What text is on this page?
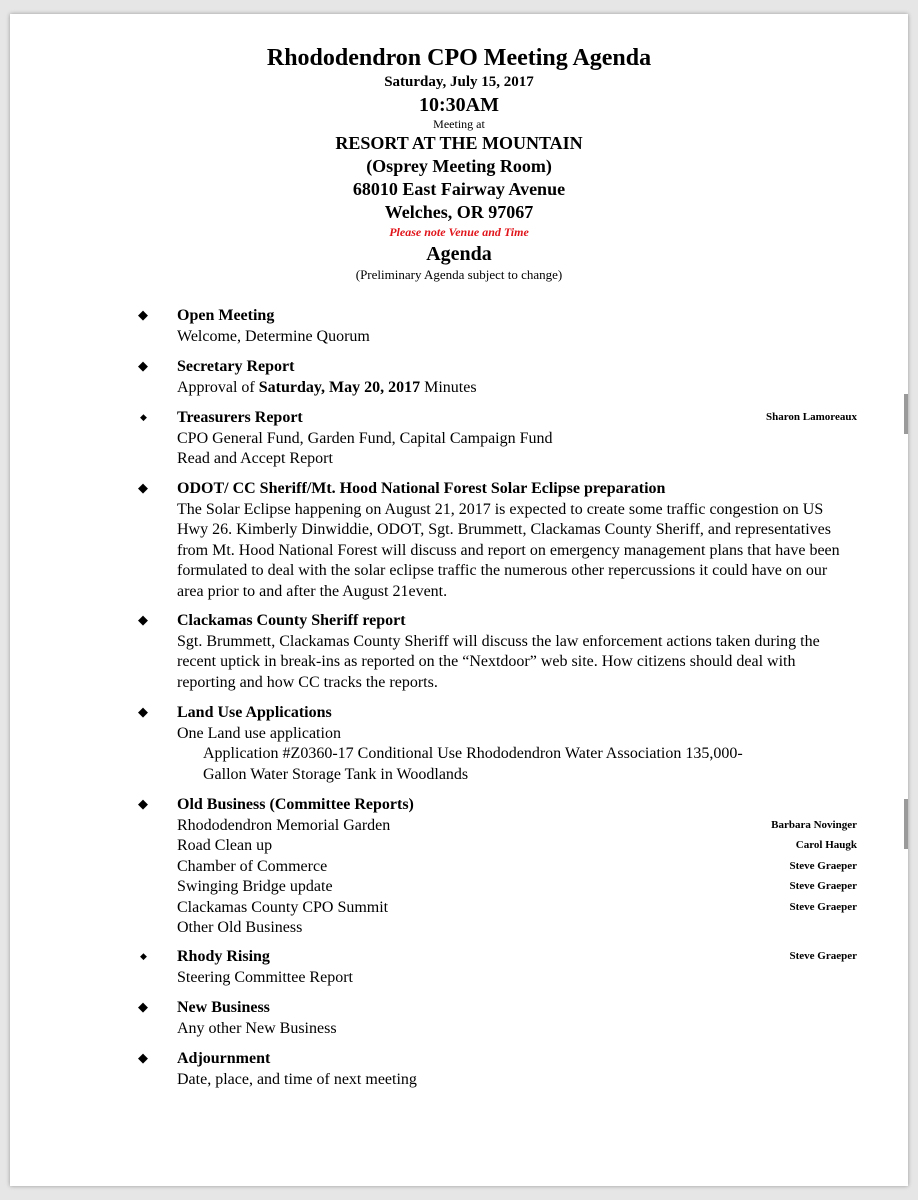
Rhododendron CPO Meeting Agenda
Saturday, July 15, 2017
10:30AM
Meeting at
RESORT AT THE MOUNTAIN
(Osprey Meeting Room)
68010 East Fairway Avenue
Welches, OR 97067
Please note Venue and Time
Agenda
(Preliminary Agenda subject to change)
◆ Open Meeting
Welcome, Determine Quorum
◆ Secretary Report
Approval of Saturday, May 20, 2017 Minutes
◆ Treasurers Report	Sharon Lamoreaux
CPO General Fund, Garden Fund, Capital Campaign Fund
Read and Accept Report
◆ ODOT/ CC Sheriff/Mt. Hood National Forest Solar Eclipse preparation
The Solar Eclipse happening on August 21, 2017 is expected to create some traffic congestion on US Hwy 26. Kimberly Dinwiddie, ODOT, Sgt. Brummett, Clackamas County Sheriff, and representatives from Mt. Hood National Forest will discuss and report on emergency management plans that have been formulated to deal with the solar eclipse traffic the numerous other repercussions it could have on our area prior to and after the August 21event.
◆ Clackamas County Sheriff report
Sgt. Brummett, Clackamas County Sheriff will discuss the law enforcement actions taken during the recent uptick in break-ins as reported on the “Nextdoor” web site. How citizens should deal with reporting and how CC tracks the reports.
◆ Land Use Applications
One Land use application
Application #Z0360-17 Conditional Use Rhododendron Water Association 135,000-
Gallon Water Storage Tank in Woodlands
◆ Old Business (Committee Reports)
Rhododendron Memorial Garden	Barbara Novinger
Road Clean up	Carol Haugk
Chamber of Commerce	Steve Graeper
Swinging Bridge update	Steve Graeper
Clackamas County CPO Summit	Steve Graeper
Other Old Business
◆ Rhody Rising	Steve Graeper
Steering Committee Report
◆ New Business
Any other New Business
◆ Adjournment
Date, place, and time of next meeting
